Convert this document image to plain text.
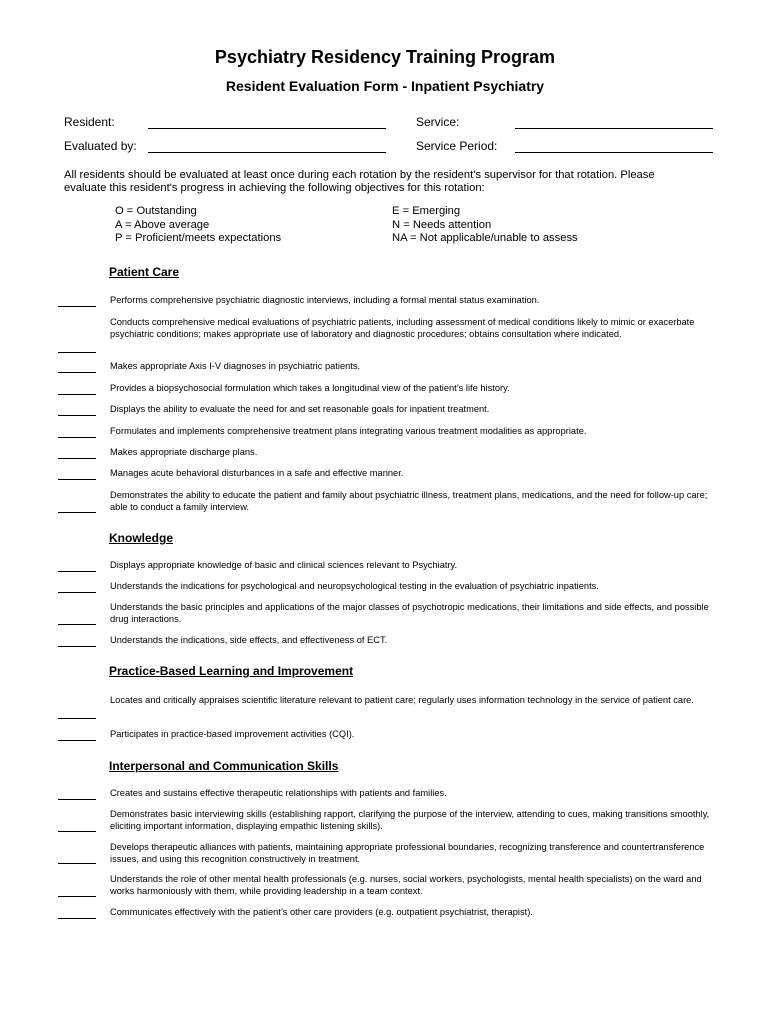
Psychiatry Residency Training Program
Resident Evaluation Form - Inpatient Psychiatry
Resident:	Service:
Evaluated by:	Service Period:
All residents should be evaluated at least once during each rotation by the resident’s supervisor for that rotation. Please evaluate this resident's progress in achieving the following objectives for this rotation:
O = Outstanding
A = Above average
P = Proficient/meets expectations
E = Emerging
N = Needs attention
NA = Not applicable/unable to assess
Patient Care
Performs comprehensive psychiatric diagnostic interviews, including a formal mental status examination.
Conducts comprehensive medical evaluations of psychiatric patients, including assessment of medical conditions likely to mimic or exacerbate psychiatric conditions; makes appropriate use of laboratory and diagnostic procedures; obtains consultation where indicated.
Makes appropriate Axis I-V diagnoses in psychiatric patients.
Provides a biopsychosocial formulation which takes a longitudinal view of the patient’s life history.
Displays the ability to evaluate the need for and set reasonable goals for inpatient treatment.
Formulates and implements comprehensive treatment plans integrating various treatment modalities as appropriate.
Makes appropriate discharge plans.
Manages acute behavioral disturbances in a safe and effective manner.
Demonstrates the ability to educate the patient and family about psychiatric illness, treatment plans, medications, and the need for follow-up care; able to conduct a family interview.
Knowledge
Displays appropriate knowledge of basic and clinical sciences relevant to Psychiatry.
Understands the indications for psychological and neuropsychological testing in the evaluation of psychiatric inpatients.
Understands the basic principles and applications of the major classes of psychotropic medications, their limitations and side effects, and possible drug interactions.
Understands the indications, side effects, and effectiveness of ECT.
Practice-Based Learning and Improvement
Locates and critically appraises scientific literature relevant to patient care; regularly uses information technology in the service of patient care.
Participates in practice-based improvement activities (CQI).
Interpersonal and Communication Skills
Creates and sustains effective therapeutic relationships with patients and families.
Demonstrates basic interviewing skills (establishing rapport, clarifying the purpose of the interview, attending to cues, making transitions smoothly, eliciting important information, displaying empathic listening skills).
Develops therapeutic alliances with patients, maintaining appropriate professional boundaries, recognizing transference and countertransference issues, and using this recognition constructively in treatment.
Understands the role of other mental health professionals (e.g. nurses, social workers, psychologists, mental health specialists) on the ward and works harmoniously with them, while providing leadership in a team context.
Communicates effectively with the patient’s other care providers (e.g. outpatient psychiatrist, therapist).
